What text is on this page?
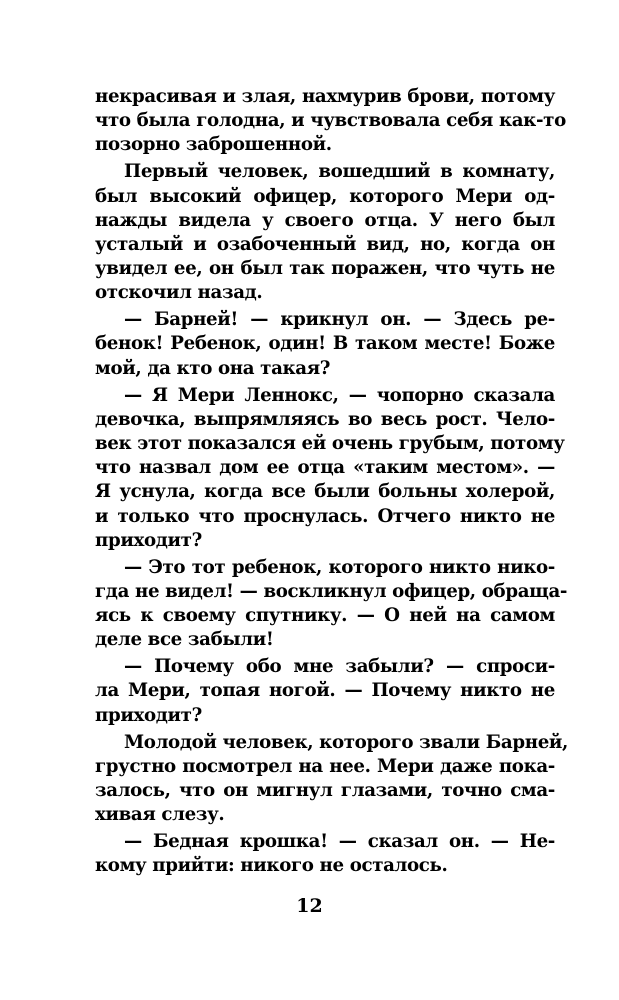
некрасивая и злая, нахмурив брови, потому
что была голодна, и чувствовала себя как-то
позорно заброшенной.
Первый человек, вошедший в комнату,
был высокий офицер, которого Мери од-
нажды видела у своего отца. У него был
усталый и озабоченный вид, но, когда он
увидел ее, он был так поражен, что чуть не
отскочил назад.
— Барней! — крикнул он. — Здесь ре-
бенок! Ребенок, один! В таком месте! Боже
мой, да кто она такая?
— Я Мери Леннокс, — чопорно сказала
девочка, выпрямляясь во весь рост. Чело-
век этот показался ей очень грубым, потому
что назвал дом ее отца «таким местом». —
Я уснула, когда все были больны холерой,
и только что проснулась. Отчего никто не
приходит?
— Это тот ребенок, которого никто нико-
гда не видел! — воскликнул офицер, обраща-
ясь к своему спутнику. — О ней на самом
деле все забыли!
— Почему обо мне забыли? — спроси-
ла Мери, топая ногой. — Почему никто не
приходит?
Молодой человек, которого звали Барней,
грустно посмотрел на нее. Мери даже пока-
залось, что он мигнул глазами, точно сма-
хивая слезу.
— Бедная крошка! — сказал он. — Не-
кому прийти: никого не осталось.
12
